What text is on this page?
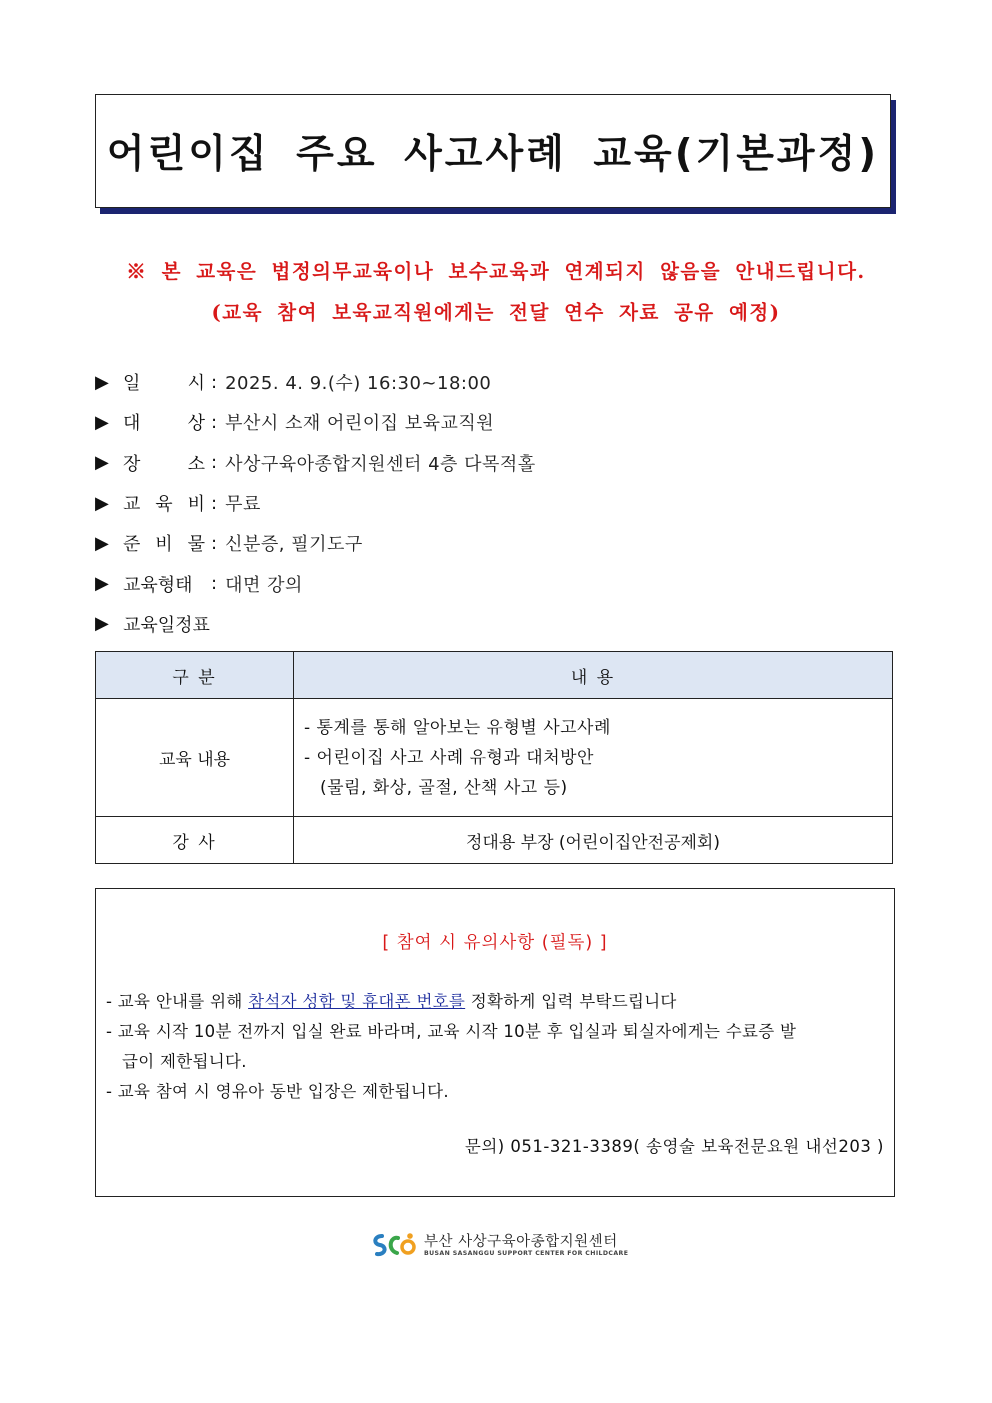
어린이집 주요 사고사례 교육(기본과정)

※ 본 교육은 법정의무교육이나 보수교육과 연계되지 않음을 안내드립니다.

(교육 참여 보육교직원에게는 전달 연수 자료 공유 예정)

▶ 일 시 : 2025. 4. 9.(수) 16:30~18:00
▶ 대 상 : 부산시 소재 어린이집 보육교직원
▶ 장 소 : 사상구육아종합지원센터 4층 다목적홀
▶ 교 육 비 : 무료
▶ 준 비 물 : 신분증, 필기도구
▶ 교육형태	: 대면 강의
▶ 교육일정표
구 분	내 용
교육 내용	- 통계를 통해 알아보는 유형별 사고사례
- 어린이집 사고 사례 유형과 대처방안
(물림, 화상, 골절, 산책 사고 등)

강 사	정대용 부장 (어린이집안전공제회)
[ 참여 시 유의사항 (필독) ]
- 교육 안내를 위해 참석자 성함 및 휴대폰 번호를 정확하게 입력 부탁드립니다
- 교육 시작 10분 전까지 입실 완료 바라며, 교육 시작 10분 후 입실과 퇴실자에게는 수료증 발
급이 제한됩니다.
- 교육 참여 시 영유아 동반 입장은 제한됩니다.
문의) 051-321-3389( 송영술 보육전문요원 내선203 )
부산 사상구육아종합지원센터
BUSAN SASANGGU SUPPORT CENTER FOR CHILDCARE
